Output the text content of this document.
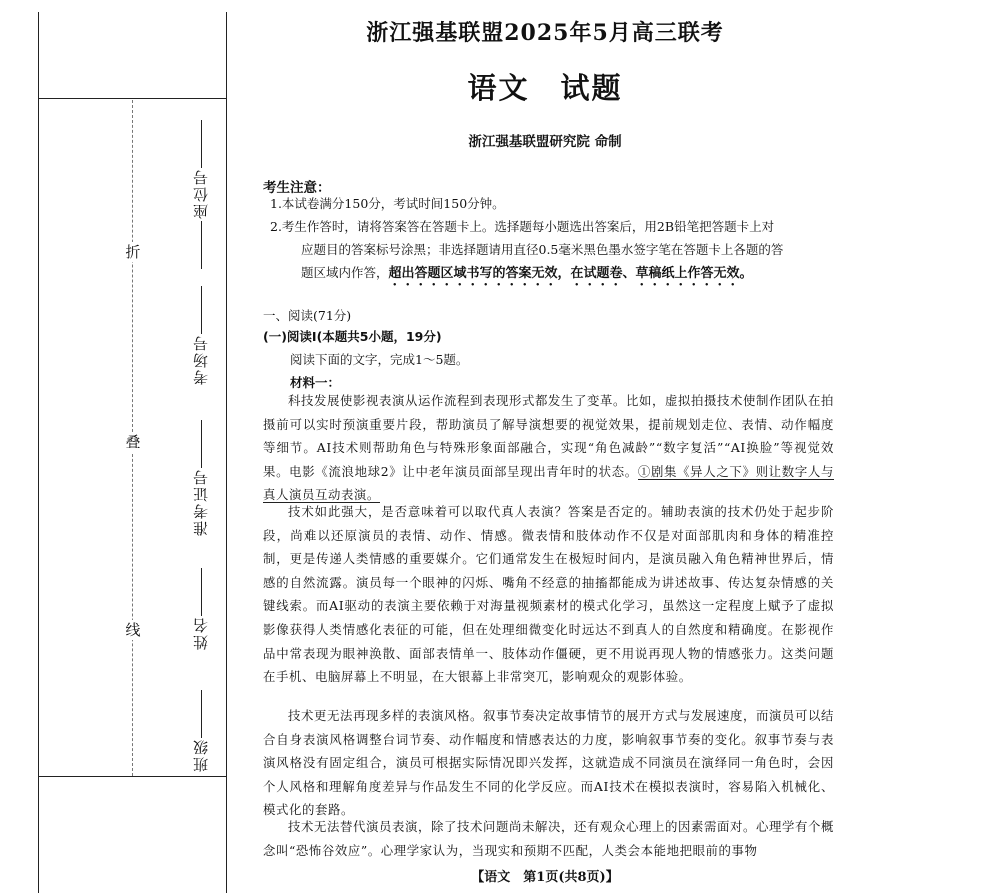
折
叠
线
座位号
考场号
准考证号
姓名
班级
浙江强基联盟2025年5月高三联考
语文　试题
浙江强基联盟研究院 命制
考生注意：
1.本试卷满分150分，考试时间150分钟。
2.考生作答时，请将答案答在答题卡上。选择题每小题选出答案后，用2B铅笔把答题卡上对
应题目的答案标号涂黑；非选择题请用直径0.5毫米黑色墨水签字笔在答题卡上各题的答
题区域内作答，超出答题区域书写的答案无效，在试题卷、草稿纸上作答无效。
一、阅读(71分)
(一)阅读Ⅰ(本题共5小题，19分)
阅读下面的文字，完成1～5题。
材料一：
科技发展使影视表演从运作流程到表现形式都发生了变革。比如，虚拟拍摄技术使制作团队在拍摄前可以实时预演重要片段，帮助演员了解导演想要的视觉效果，提前规划走位、表情、动作幅度等细节。AI技术则帮助角色与特殊形象面部融合，实现“角色减龄”“数字复活”“AI换脸”等视觉效果。电影《流浪地球2》让中老年演员面部呈现出青年时的状态。①剧集《异人之下》则让数字人与真人演员互动表演。
技术如此强大，是否意味着可以取代真人表演？答案是否定的。辅助表演的技术仍处于起步阶段，尚难以还原演员的表情、动作、情感。微表情和肢体动作不仅是对面部肌肉和身体的精准控制，更是传递人类情感的重要媒介。它们通常发生在极短时间内，是演员融入角色精神世界后，情感的自然流露。演员每一个眼神的闪烁、嘴角不经意的抽搐都能成为讲述故事、传达复杂情感的关键线索。而AI驱动的表演主要依赖于对海量视频素材的模式化学习，虽然这一定程度上赋予了虚拟影像获得人类情感化表征的可能，但在处理细微变化时远达不到真人的自然度和精确度。在影视作品中常表现为眼神涣散、面部表情单一、肢体动作僵硬，更不用说再现人物的情感张力。这类问题在手机、电脑屏幕上不明显，在大银幕上非常突兀，影响观众的观影体验。
技术更无法再现多样的表演风格。叙事节奏决定故事情节的展开方式与发展速度，而演员可以结合自身表演风格调整台词节奏、动作幅度和情感表达的力度，影响叙事节奏的变化。叙事节奏与表演风格没有固定组合，演员可根据实际情况即兴发挥，这就造成不同演员在演绎同一角色时，会因个人风格和理解角度差异与作品发生不同的化学反应。而AI技术在模拟表演时，容易陷入机械化、模式化的套路。
技术无法替代演员表演，除了技术问题尚未解决，还有观众心理上的因素需面对。心理学有个概念叫“恐怖谷效应”。心理学家认为，当现实和预期不匹配，人类会本能地把眼前的事物
【语文　第1页(共8页)】
